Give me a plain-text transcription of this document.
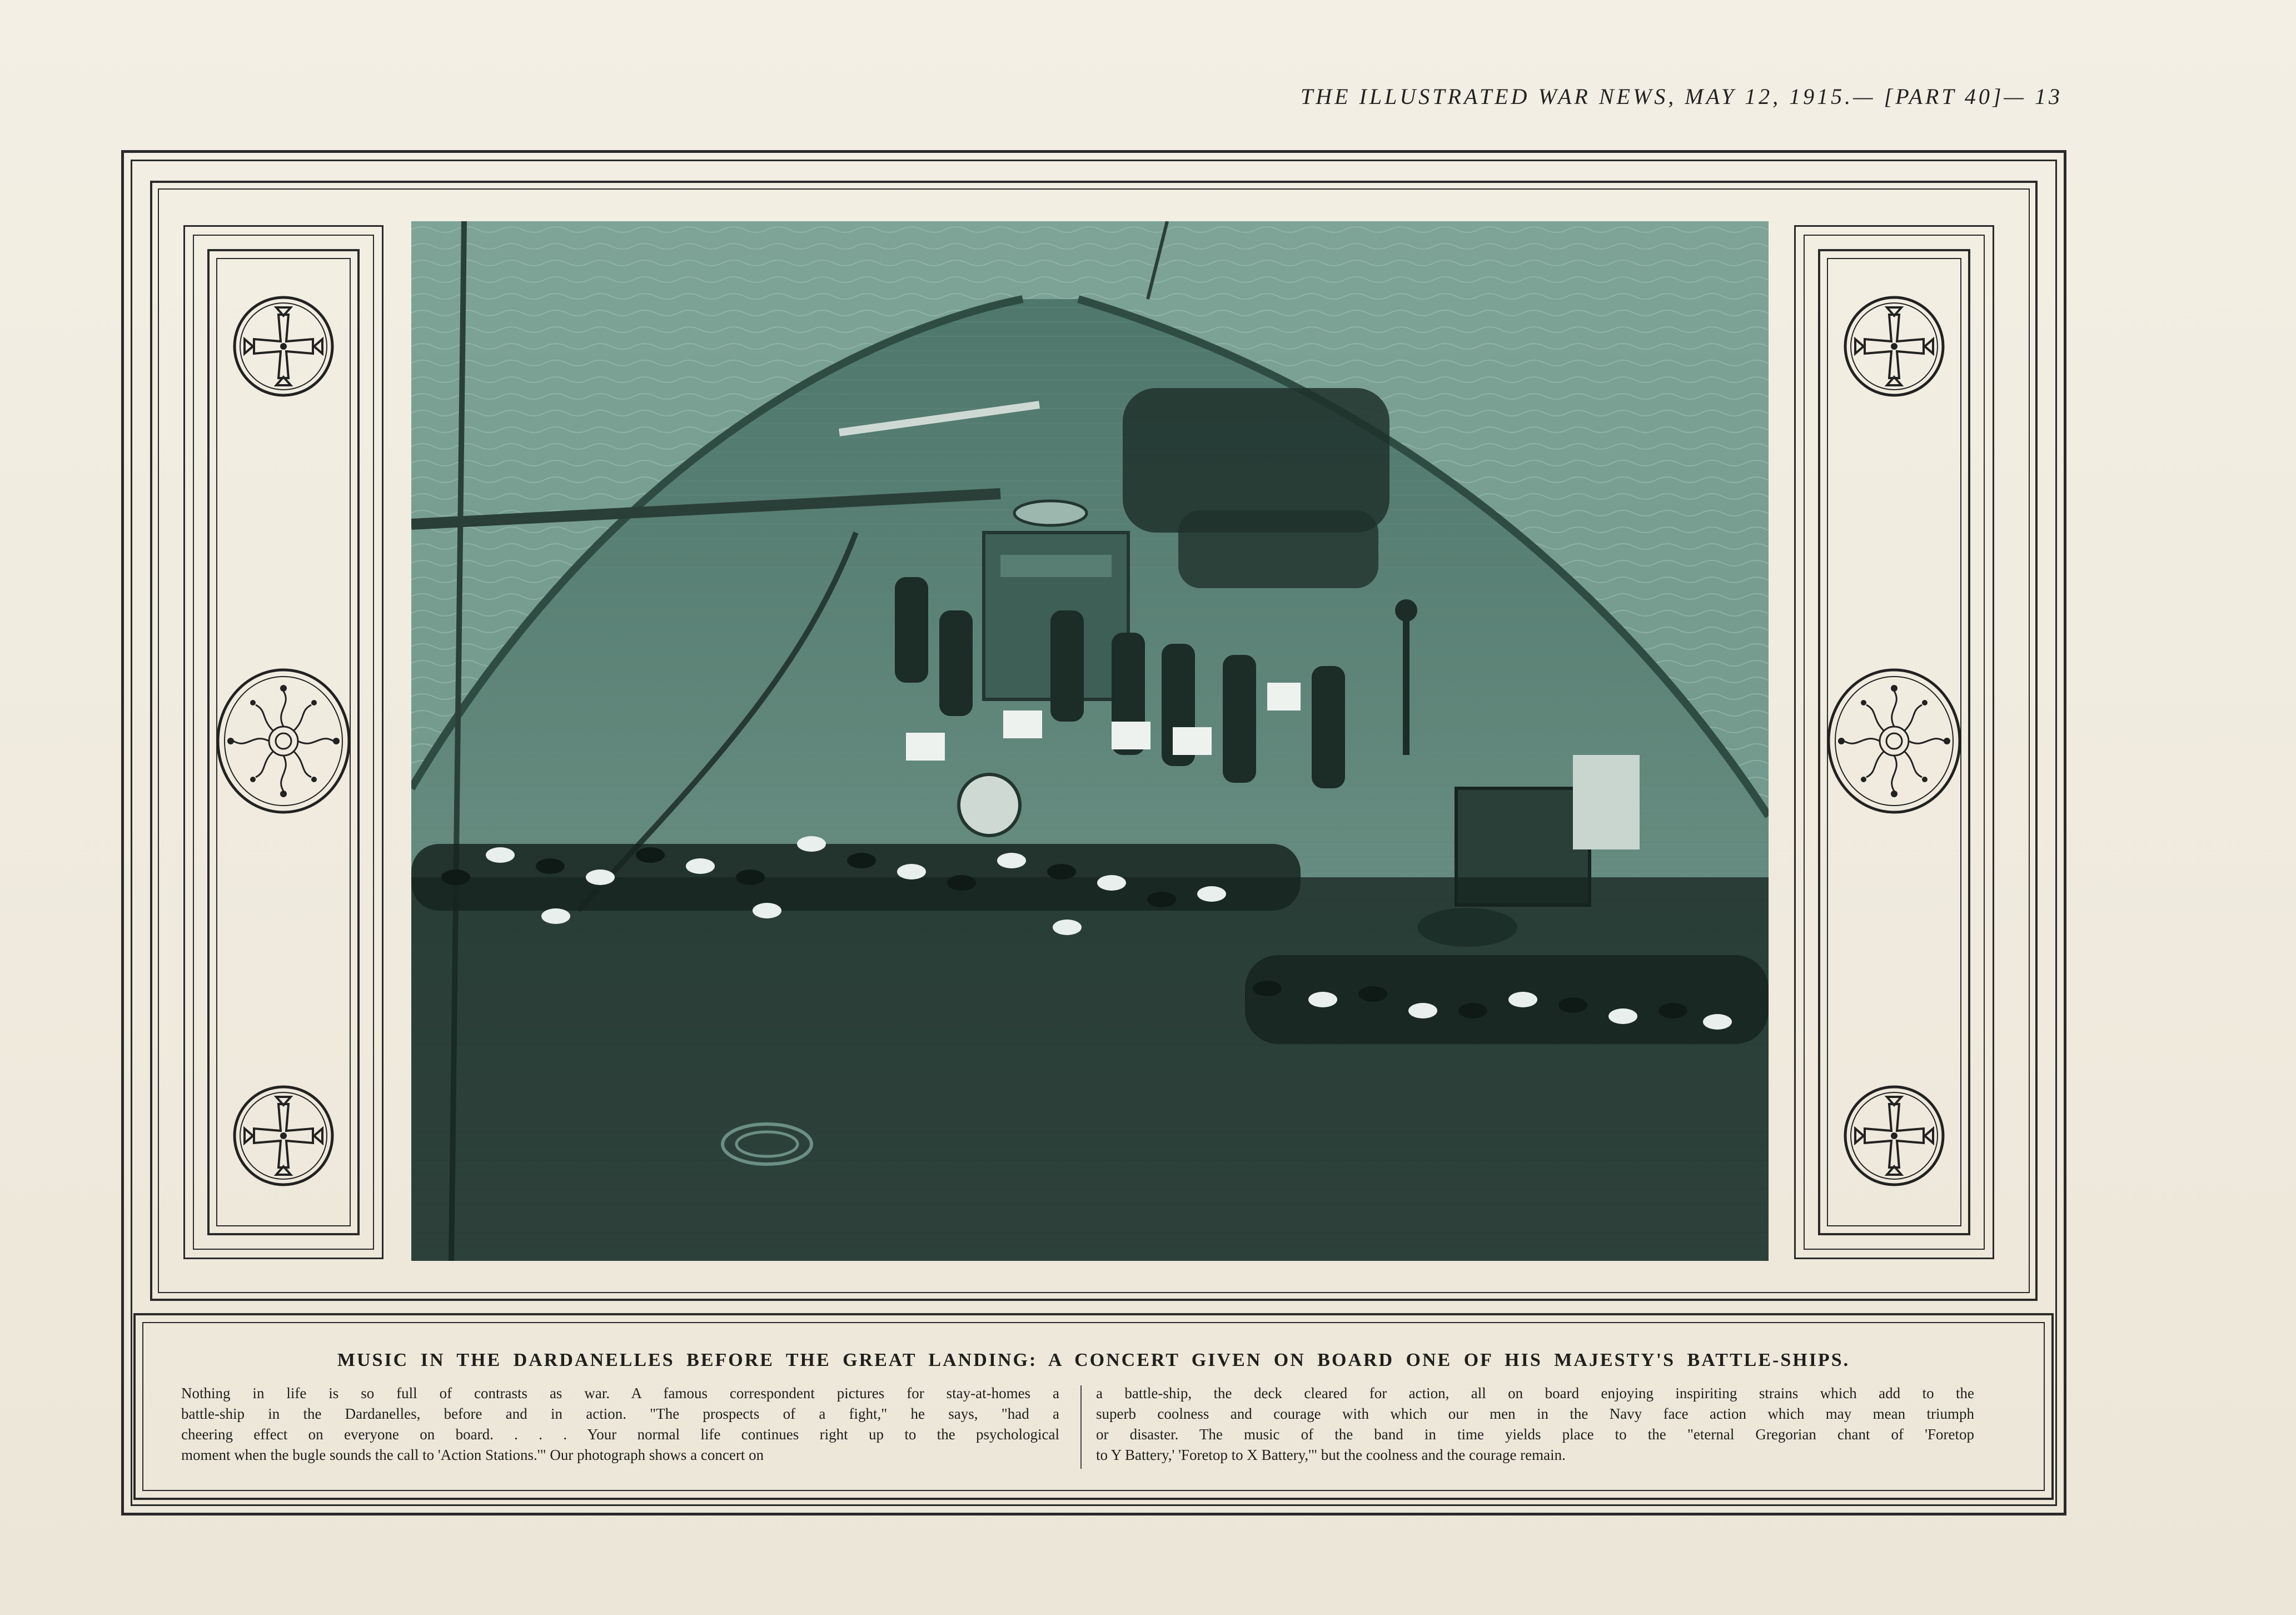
THE ILLUSTRATED WAR NEWS, MAY 12, 1915.— [PART 40]— 13
MUSIC IN THE DARDANELLES BEFORE THE GREAT LANDING: A CONCERT GIVEN ON BOARD ONE OF HIS MAJESTY'S BATTLE-SHIPS.
Nothing in life is so full of contrasts as war. A famous correspondent pictures for stay-at-homes a
battle-ship in the Dardanelles, before and in action. "The prospects of a fight," he says, "had a
cheering effect on everyone on board. . . . Your normal life continues right up to the psychological
moment when the bugle sounds the call to 'Action Stations.'" Our photograph shows a concert on
a battle-ship, the deck cleared for action, all on board enjoying inspiriting strains which add to the
superb coolness and courage with which our men in the Navy face action which may mean triumph
or disaster. The music of the band in time yields place to the "eternal Gregorian chant of 'Foretop
to Y Battery,' 'Foretop to X Battery,'" but the coolness and the courage remain.
